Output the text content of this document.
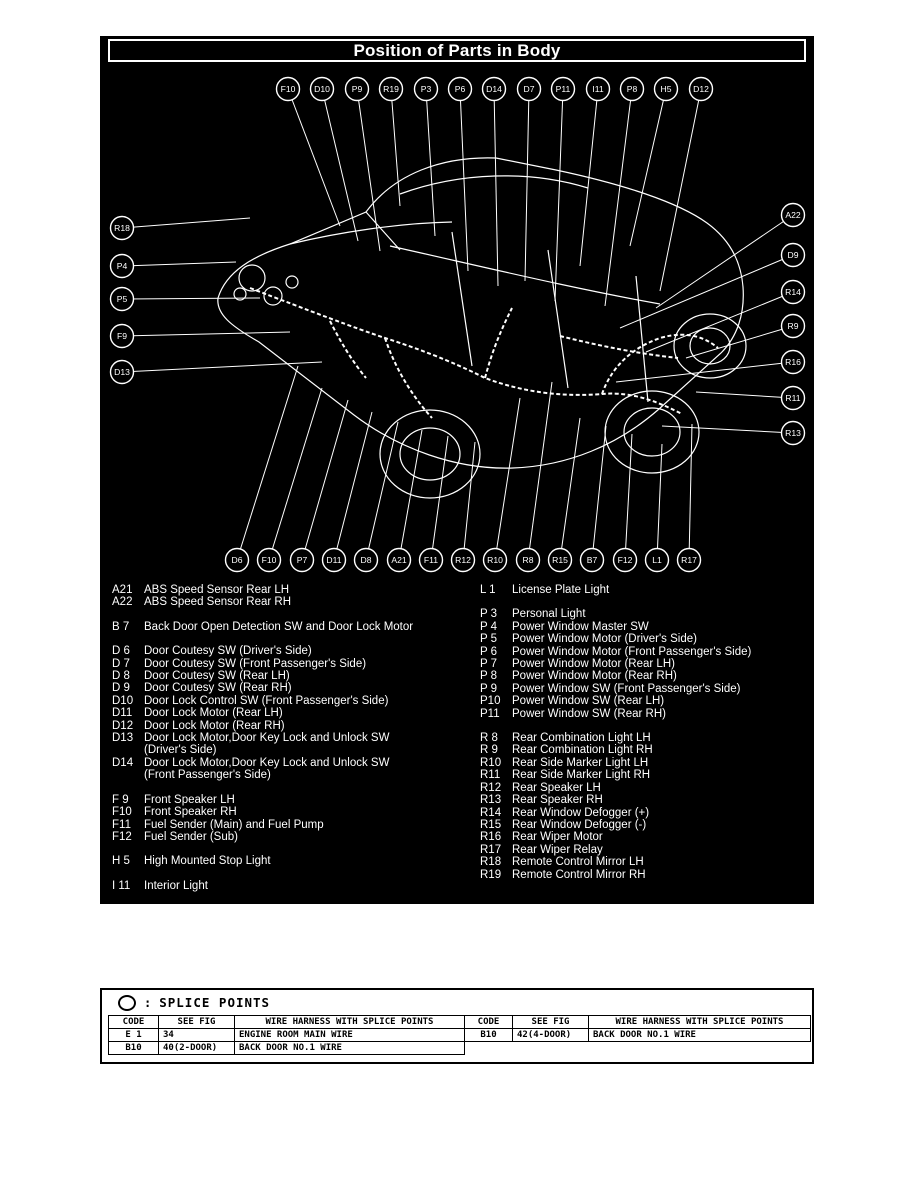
Position of Parts in Body
F10 D10	P9 R19	P3	P6 D14	D7 P11	I11	P8	H5	D12
R18
P4
P5
F9
D13
A22
D9
R14
R9
R16
R11
R13
D6 F10 P7 D11 D8 A21 F11 R12 R10 R8 R15 B7 F12 L1 R17
A21	ABS Speed Sensor Rear LH
A22	ABS Speed Sensor Rear RH
B 7	Back Door Open Detection SW and Door Lock Motor
D 6	Door Coutesy SW (Driver's Side)
D 7	Door Coutesy SW (Front Passenger's Side)
D 8	Door Coutesy SW (Rear LH)
D 9	Door Coutesy SW (Rear RH)
D10 Door Lock Control SW (Front Passenger's Side)
D11	Door Lock Motor (Rear LH)
D12 Door Lock Motor (Rear RH)
D13 Door Lock Motor,Door Key Lock and Unlock SW (Driver's Side)
D14 Door Lock Motor,Door Key Lock and Unlock SW (Front Passenger's Side)
F 9	Front Speaker LH
F10	Front Speaker RH
F11	Fuel Sender (Main) and Fuel Pump
F12	Fuel Sender (Sub)
H 5	High Mounted Stop Light
I 11	Interior Light
L 1	License Plate Light
P 3	Personal Light
P 4	Power Window Master SW
P 5	Power Window Motor (Driver's Side)
P 6	Power Window Motor (Front Passenger's Side)
P 7	Power Window Motor (Rear LH)
P 8	Power Window Motor (Rear RH)
P 9	Power Window SW (Front Passenger's Side)
P10	Power Window SW (Rear LH)
P11	Power Window SW (Rear RH)
R 8	Rear Combination Light LH
R 9	Rear Combination Light RH
R10 Rear Side Marker Light LH
R11	Rear Side Marker Light RH
R12 Rear Speaker LH
R13 Rear Speaker RH
R14 Rear Window Defogger (+)
R15 Rear Window Defogger (-)
R16 Rear Wiper Motor
R17 Rear Wiper Relay
R18 Remote Control Mirror LH
R19 Remote Control Mirror RH
: SPLICE POINTS
CODE	SEE FIG	WIRE HARNESS WITH SPLICE POINTS	CODE	SEE FIG	WIRE HARNESS WITH SPLICE POINTS
E 1	34	ENGINE ROOM MAIN WIRE	B10	42(4-DOOR)	BACK DOOR NO.1 WIRE
B10	40(2-DOOR)	BACK DOOR NO.1 WIRE			
